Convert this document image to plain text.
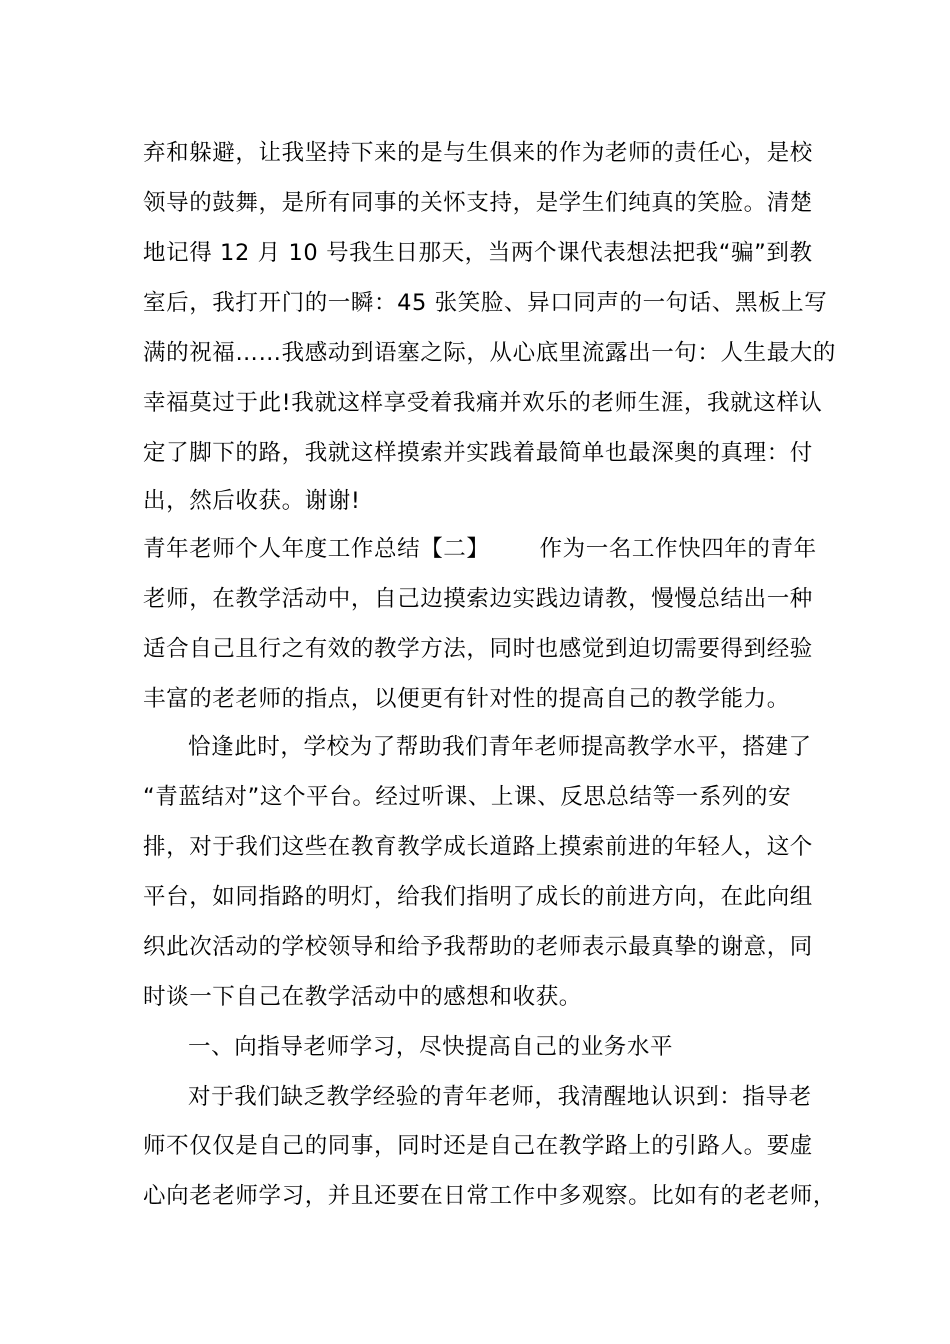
弃和躲避，让我坚持下来的是与生俱来的作为老师的责任心，是校
领导的鼓舞，是所有同事的关怀支持，是学生们纯真的笑脸。清楚
地记得 12 月 10 号我生日那天，当两个课代表想法把我“骗”到教
室后，我打开门的一瞬：45 张笑脸、异口同声的一句话、黑板上写
满的祝福……我感动到语塞之际，从心底里流露出一句：人生最大的
幸福莫过于此!我就这样享受着我痛并欢乐的老师生涯，我就这样认
定了脚下的路，我就这样摸索并实践着最简单也最深奥的真理：付
出，然后收获。谢谢!
青年老师个人年度工作总结【二】 作为一名工作快四年的青年
老师，在教学活动中，自己边摸索边实践边请教，慢慢总结出一种
适合自己且行之有效的教学方法，同时也感觉到迫切需要得到经验
丰富的老老师的指点，以便更有针对性的提高自己的教学能力。
恰逢此时，学校为了帮助我们青年老师提高教学水平，搭建了
“青蓝结对”这个平台。经过听课、上课、反思总结等一系列的安
排，对于我们这些在教育教学成长道路上摸索前进的年轻人，这个
平台，如同指路的明灯，给我们指明了成长的前进方向，在此向组
织此次活动的学校领导和给予我帮助的老师表示最真挚的谢意，同
时谈一下自己在教学活动中的感想和收获。
一、向指导老师学习，尽快提高自己的业务水平
对于我们缺乏教学经验的青年老师，我清醒地认识到：指导老
师不仅仅是自己的同事，同时还是自己在教学路上的引路人。要虚
心向老老师学习，并且还要在日常工作中多观察。比如有的老老师，
